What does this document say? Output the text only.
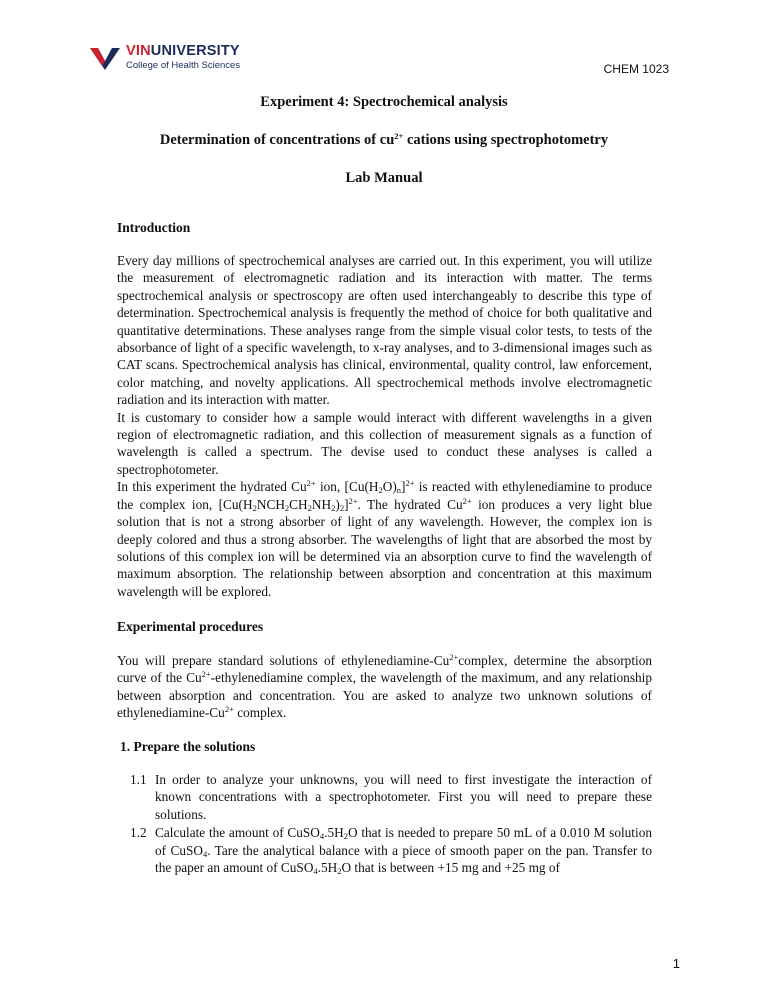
VINUNIVERSITY
College of Health Sciences	CHEM 1023
Experiment 4: Spectrochemical analysis
Determination of concentrations of $cu^{2+}$ cations using spectrophotometry
Lab Manual
Introduction

Every day millions of spectrochemical analyses are carried out. In this experiment, you will utilize the measurement of electromagnetic radiation and its interaction with matter. The terms spectrochemical analysis or spectroscopy are often used interchangeably to describe this type of determination. Spectrochemical analysis is frequently the method of choice for both qualitative and quantitative determinations. These analyses range from the simple visual color tests, to tests of the absorbance of light of a specific wavelength, to x-ray analyses, and to 3-dimensional images such as CAT scans. Spectrochemical analysis has clinical, environmental, quality control, law enforcement, color matching, and novelty applications. All spectrochemical methods involve electromagnetic radiation and its interaction with matter.

It is customary to consider how a sample would interact with different wavelengths in a given region of electromagnetic radiation, and this collection of measurement signals as a function of wavelength is called a spectrum. The devise used to conduct these analyses is called a spectrophotometer.

In this experiment the hydrated $Cu^{2+}$ ion, $[Cu(H_2O)_n]^{2+}$ is reacted with ethylenediamine to produce the complex ion, $[Cu(H_2NCH_2CH_2NH_2)_2]^{2+}$. The hydrated $Cu^{2+}$ ion produces a very light blue solution that is not a strong absorber of light of any wavelength. However, the complex ion is deeply colored and thus a strong absorber. The wavelengths of light that are absorbed the most by solutions of this complex ion will be determined via an absorption curve to find the wavelength of maximum absorption. The relationship between absorption and concentration at this maximum wavelength will be explored.

Experimental procedures

You will prepare standard solutions of ethylenediamine-$Cu^{2+}complex$, determine the absorption curve of the $Cu^{2+}$-ethylenediamine complex, the wavelength of the maximum, and any relationship between absorption and concentration. You are asked to analyze two unknown solutions of ethylenediamine-$Cu^{2+}$ complex.

1. Prepare the solutions
1.1 In order to analyze your unknowns, you will need to first investigate the interaction of known concentrations with a spectrophotometer. First you will need to prepare these solutions.
1.2 Calculate the amount of $CuSO_4.5H_2O$ that is needed to prepare 50 mL of a 0.010 M solution of CuSO$_4$. Tare the analytical balance with a piece of smooth paper on the pan. Transfer to the paper an amount of $CuSO_4.5H_2O$ that is between +15 mg and +25 mg of
1
